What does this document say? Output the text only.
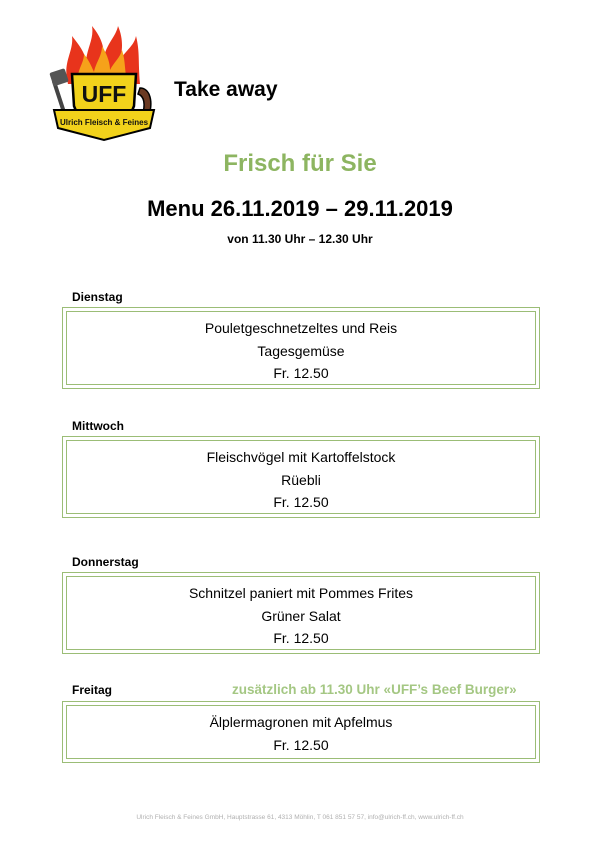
UFF
Ulrich Fleisch & Feines
Take away
Frisch für Sie
Menu 26.11.2019 – 29.11.2019
von 11.30 Uhr – 12.30 Uhr
Dienstag
Pouletgeschnetzeltes und Reis
Tagesgemüse
Fr. 12.50
Mittwoch
Fleischvögel mit Kartoffelstock
Rüebli
Fr. 12.50
Donnerstag
Schnitzel paniert mit Pommes Frites
Grüner Salat
Fr. 12.50
Freitag	zusätzlich ab 11.30 Uhr «UFF’s Beef Burger»
Älplermagronen mit Apfelmus
Fr. 12.50
Ulrich Fleisch & Feines GmbH, Hauptstrasse 61, 4313 Möhlin, T 061 851 57 57, info@ulrich-ff.ch, www.ulrich-ff.ch
